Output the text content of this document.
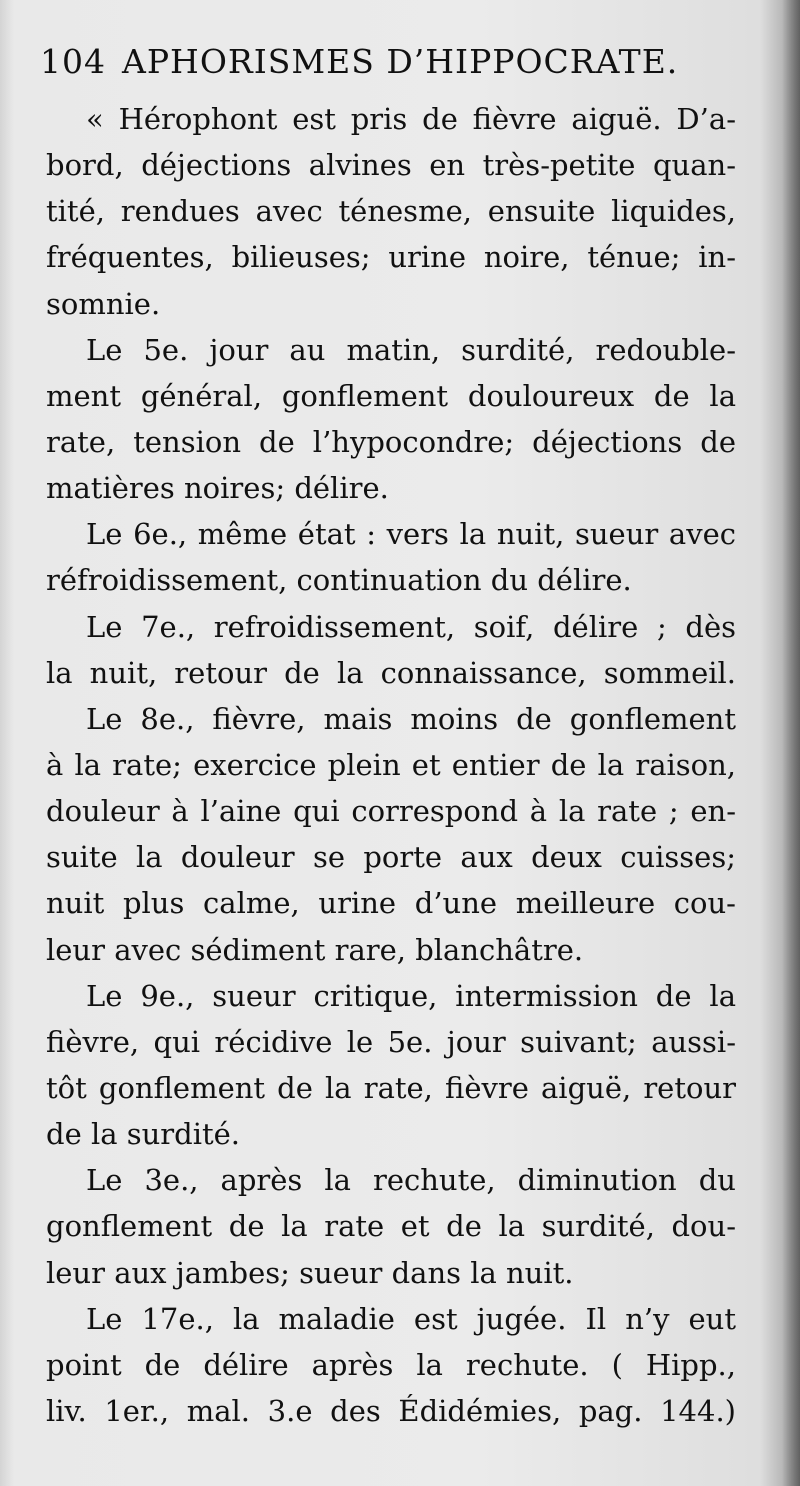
104 APHORISMES D’HIPPOCRATE.
« Hérophont est pris de fièvre aiguë. D’a-
bord, déjections alvines en très-petite quan-
tité, rendues avec ténesme, ensuite liquides,
fréquentes, bilieuses; urine noire, ténue; in-
somnie.
Le 5e. jour au matin, surdité, redouble-
ment général, gonflement douloureux de la
rate, tension de l’hypocondre; déjections de
matières noires; délire.
Le 6e., même état : vers la nuit, sueur avec
réfroidissement, continuation du délire.
Le 7e., refroidissement, soif, délire ; dès
la nuit, retour de la connaissance, sommeil.
Le 8e., fièvre, mais moins de gonflement
à la rate; exercice plein et entier de la raison,
douleur à l’aine qui correspond à la rate ; en-
suite la douleur se porte aux deux cuisses;
nuit plus calme, urine d’une meilleure cou-
leur avec sédiment rare, blanchâtre.
Le 9e., sueur critique, intermission de la
fièvre, qui récidive le 5e. jour suivant; aussi-
tôt gonflement de la rate, fièvre aiguë, retour
de la surdité.
Le 3e., après la rechute, diminution du
gonflement de la rate et de la surdité, dou-
leur aux jambes; sueur dans la nuit.
Le 17e., la maladie est jugée. Il n’y eut
point de délire après la rechute. ( Hipp.,
liv. 1er., mal. 3.e des Édidémies, pag. 144.)
